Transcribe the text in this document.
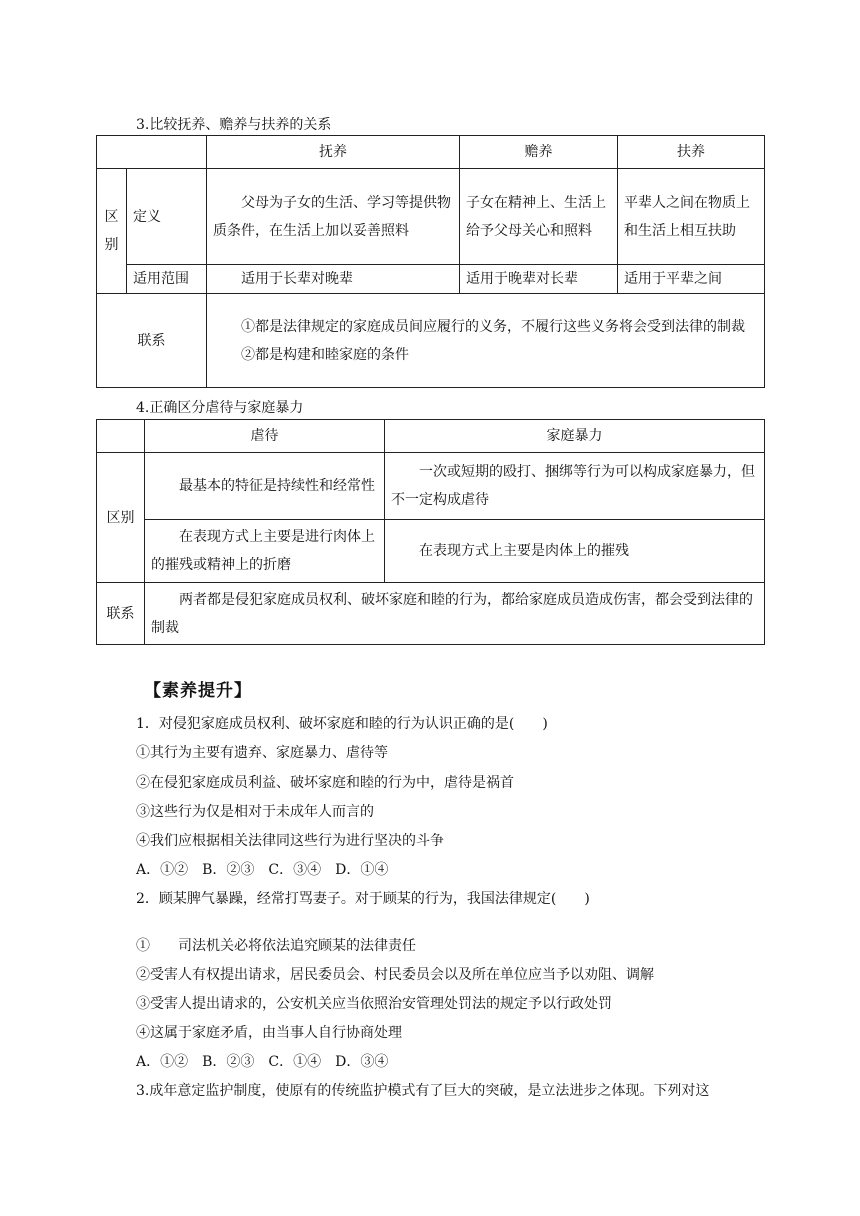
3.比较抚养、赡养与扶养的关系
		抚养	赡养	扶养

区
别	定义	父母为子女的生活、学习等提供物质条件，在生活上加以妥善照料	子女在精神上、生活上给予父母关心和照料	平辈人之间在物质上和生活上相互扶助
	适用范围	适用于长辈对晚辈	适用于晚辈对长辈	适用于平辈之间
联系		①都是法律规定的家庭成员间应履行的义务，不履行这些义务将会受到法律的制裁
②都是构建和睦家庭的条件		
4.正确区分虐待与家庭暴力
	虐待	家庭暴力
区别	最基本的特征是持续性和经常性	一次或短期的殴打、捆绑等行为可以构成家庭暴力，但不一定构成虐待
	在表现方式上主要是进行肉体上的摧残或精神上的折磨	在表现方式上主要是肉体上的摧残
联系	两者都是侵犯家庭成员权利、破坏家庭和睦的行为，都给家庭成员造成伤害，都会受到法律的制裁	
【素养提升】
1．对侵犯家庭成员权利、破坏家庭和睦的行为认识正确的是(　　)
①其行为主要有遗弃、家庭暴力、虐待等
②在侵犯家庭成员利益、破坏家庭和睦的行为中，虐待是祸首
③这些行为仅是相对于未成年人而言的
④我们应根据相关法律同这些行为进行坚决的斗争
A．①②　B．②③　C．③④　D．①④
2．顾某脾气暴躁，经常打骂妻子。对于顾某的行为，我国法律规定(　　)
①　　司法机关必将依法追究顾某的法律责任
②受害人有权提出请求，居民委员会、村民委员会以及所在单位应当予以劝阻、调解
③受害人提出请求的，公安机关应当依照治安管理处罚法的规定予以行政处罚
④这属于家庭矛盾，由当事人自行协商处理
A．①②　B．②③　C．①④　D．③④
3.成年意定监护制度，使原有的传统监护模式有了巨大的突破，是立法进步之体现。下列对这
